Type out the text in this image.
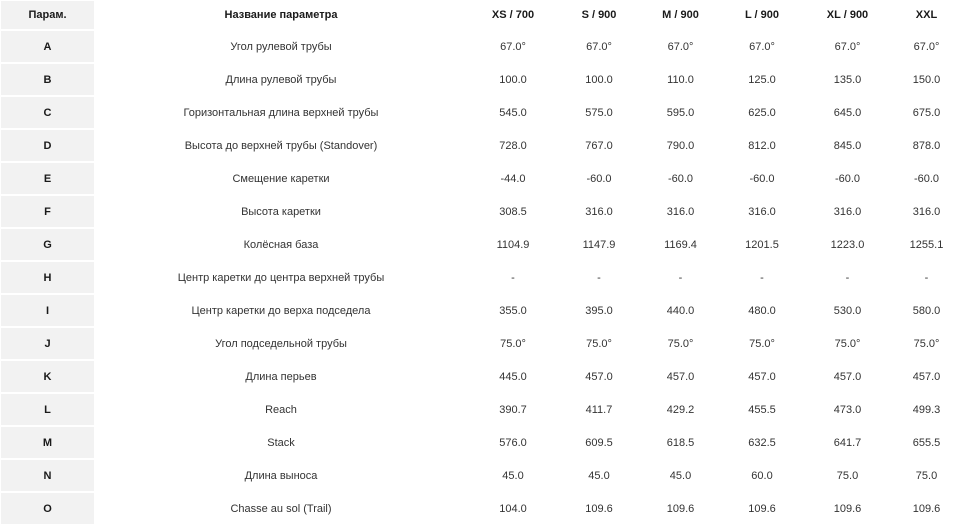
Парам.	Название параметра	XS / 700	S / 900	M / 900	L / 900	XL / 900	XXL
A	Угол рулевой трубы	67.0°	67.0°	67.0°	67.0°	67.0°	67.0°
B	Длина рулевой трубы	100.0	100.0	110.0	125.0	135.0	150.0
C	Горизонтальная длина верхней трубы	545.0	575.0	595.0	625.0	645.0	675.0
D	Высота до верхней трубы (Standover)	728.0	767.0	790.0	812.0	845.0	878.0
E	Смещение каретки	-44.0	-60.0	-60.0	-60.0	-60.0	-60.0
F	Высота каретки	308.5	316.0	316.0	316.0	316.0	316.0
G	Колёсная база	1104.9	1147.9	1169.4	1201.5	1223.0	1255.1
H	Центр каретки до центра верхней трубы	-	-	-	-	-	-
I	Центр каретки до верха подседела	355.0	395.0	440.0	480.0	530.0	580.0
J	Угол подседельной трубы	75.0°	75.0°	75.0°	75.0°	75.0°	75.0°
K	Длина перьев	445.0	457.0	457.0	457.0	457.0	457.0
L	Reach	390.7	411.7	429.2	455.5	473.0	499.3
M	Stack	576.0	609.5	618.5	632.5	641.7	655.5
N	Длина выноса	45.0	45.0	45.0	60.0	75.0	75.0
O	Chasse au sol (Trail)	104.0	109.6	109.6	109.6	109.6	109.6
